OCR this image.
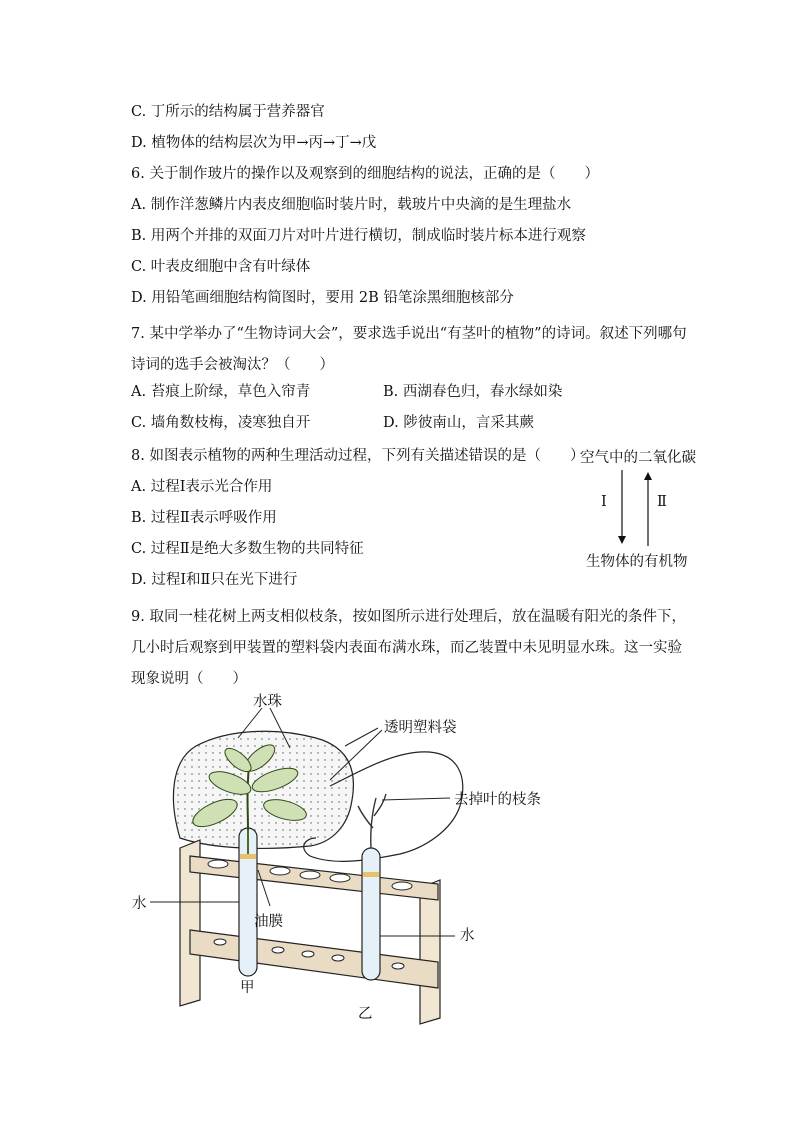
C. 丁所示的结构属于营养器官
D. 植物体的结构层次为甲→丙→丁→戊
6. 关于制作玻片的操作以及观察到的细胞结构的说法，正确的是（　　）
A. 制作洋葱鳞片内表皮细胞临时装片时，载玻片中央滴的是生理盐水
B. 用两个并排的双面刀片对叶片进行横切，制成临时装片标本进行观察
C. 叶表皮细胞中含有叶绿体
D. 用铅笔画细胞结构简图时，要用 2B 铅笔涂黑细胞核部分
7. 某中学举办了“生物诗词大会”，要求选手说出“有茎叶的植物”的诗词。叙述下列哪句诗词的选手会被淘汰？（　　）
A. 苔痕上阶绿，草色入帘青	B. 西湖春色归，春水绿如染
C. 墙角数枝梅，凌寒独自开	D. 陟彼南山，言采其蕨
8. 如图表示植物的两种生理活动过程，下列有关描述错误的是（　　）
A. 过程Ⅰ表示光合作用
B. 过程Ⅱ表示呼吸作用
C. 过程Ⅱ是绝大多数生物的共同特征
D. 过程Ⅰ和Ⅱ只在光下进行
空气中的二氧化碳
生物体的有机物
Ⅰ	Ⅱ
9. 取同一桂花树上两支相似枝条，按如图所示进行处理后，放在温暖有阳光的条件下，几小时后观察到甲装置的塑料袋内表面布满水珠，而乙装置中未见明显水珠。这一实验现象说明（　　）
水珠
透明塑料袋
去掉叶的枝条
水
油膜
水
甲
乙
